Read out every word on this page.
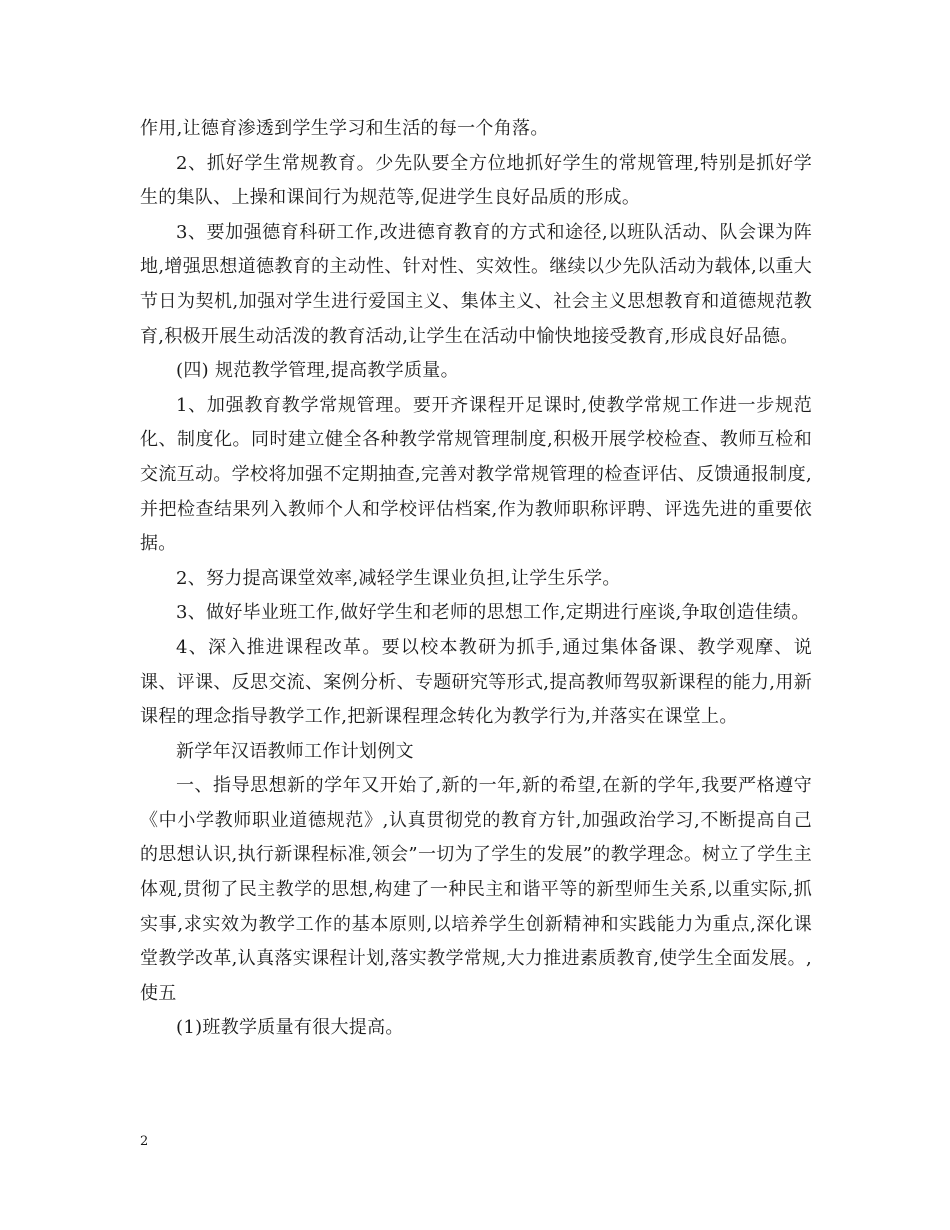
作用,让德育渗透到学生学习和生活的每一个角落。

2、抓好学生常规教育。少先队要全方位地抓好学生的常规管理,特别是抓好学生的集队、上操和课间行为规范等,促进学生良好品质的形成。

3、要加强德育科研工作,改进德育教育的方式和途径,以班队活动、队会课为阵地,增强思想道德教育的主动性、针对性、实效性。继续以少先队活动为载体,以重大节日为契机,加强对学生进行爱国主义、集体主义、社会主义思想教育和道德规范教育,积极开展生动活泼的教育活动,让学生在活动中愉快地接受教育,形成良好品德。

(四) 规范教学管理,提高教学质量。

1、加强教育教学常规管理。要开齐课程开足课时,使教学常规工作进一步规范化、制度化。同时建立健全各种教学常规管理制度,积极开展学校检查、教师互检和交流互动。学校将加强不定期抽查,完善对教学常规管理的检查评估、反馈通报制度,并把检查结果列入教师个人和学校评估档案,作为教师职称评聘、评选先进的重要依据。

2、努力提高课堂效率,减轻学生课业负担,让学生乐学。

3、做好毕业班工作,做好学生和老师的思想工作,定期进行座谈,争取创造佳绩。

4、深入推进课程改革。要以校本教研为抓手,通过集体备课、教学观摩、说课、评课、反思交流、案例分析、专题研究等形式,提高教师驾驭新课程的能力,用新课程的理念指导教学工作,把新课程理念转化为教学行为,并落实在课堂上。

新学年汉语教师工作计划例文

一、指导思想新的学年又开始了,新的一年,新的希望,在新的学年,我要严格遵守《中小学教师职业道德规范》,认真贯彻党的教育方针,加强政治学习,不断提高自己的思想认识,执行新课程标准,领会”一切为了学生的发展”的教学理念。树立了学生主体观,贯彻了民主教学的思想,构建了一种民主和谐平等的新型师生关系,以重实际,抓实事,求实效为教学工作的基本原则,以培养学生创新精神和实践能力为重点,深化课堂教学改革,认真落实课程计划,落实教学常规,大力推进素质教育,使学生全面发展。,使五

(1)班教学质量有很大提高。

2
